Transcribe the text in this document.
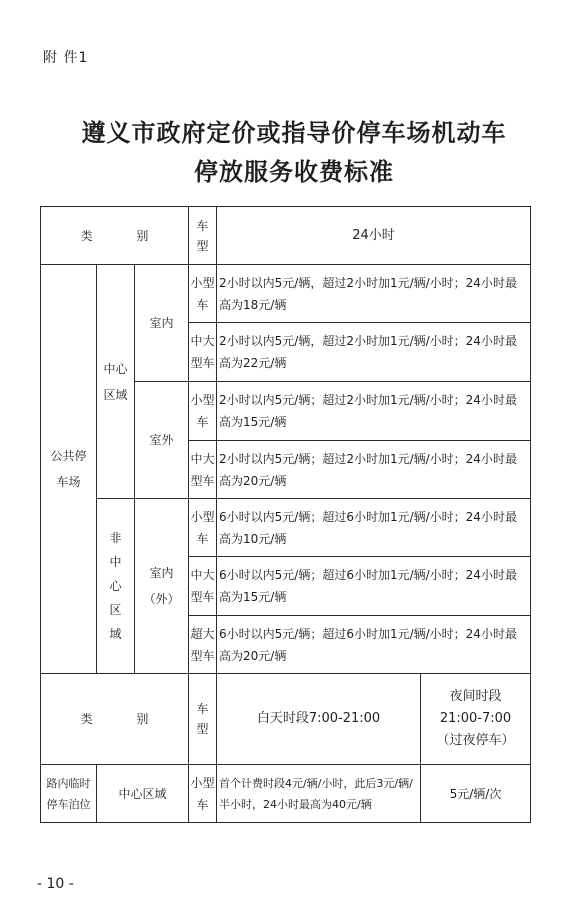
附 件1
遵义市政府定价或指导价停车场机动车
停放服务收费标准
类 别
车型
24小时
公共停车场
中心区域
非中心区域
室内
室外
室内（外）
小型车
2小时以内5元/辆，超过2小时加1元/辆/小时；24小时最高为18元/辆
中大型车
2小时以内5元/辆，超过2小时加1元/辆/小时；24小时最高为22元/辆
小型车
2小时以内5元/辆；超过2小时加1元/辆/小时；24小时最高为15元/辆
中大型车
2小时以内5元/辆；超过2小时加1元/辆/小时；24小时最高为20元/辆
小型车
6小时以内5元/辆；超过6小时加1元/辆/小时；24小时最高为10元/辆
中大型车
6小时以内5元/辆；超过6小时加1元/辆/小时；24小时最高为15元/辆
超大型车
6小时以内5元/辆；超过6小时加1元/辆/小时；24小时最高为20元/辆
类 别
车型
白天时段7:00-21:00
夜间时段
21:00-7:00
（过夜停车）
路内临时停车泊位
中心区域
小型车
首个计费时段4元/辆/小时，此后3元/辆/半小时，24小时最高为40元/辆
5元/辆/次
- 10 -
